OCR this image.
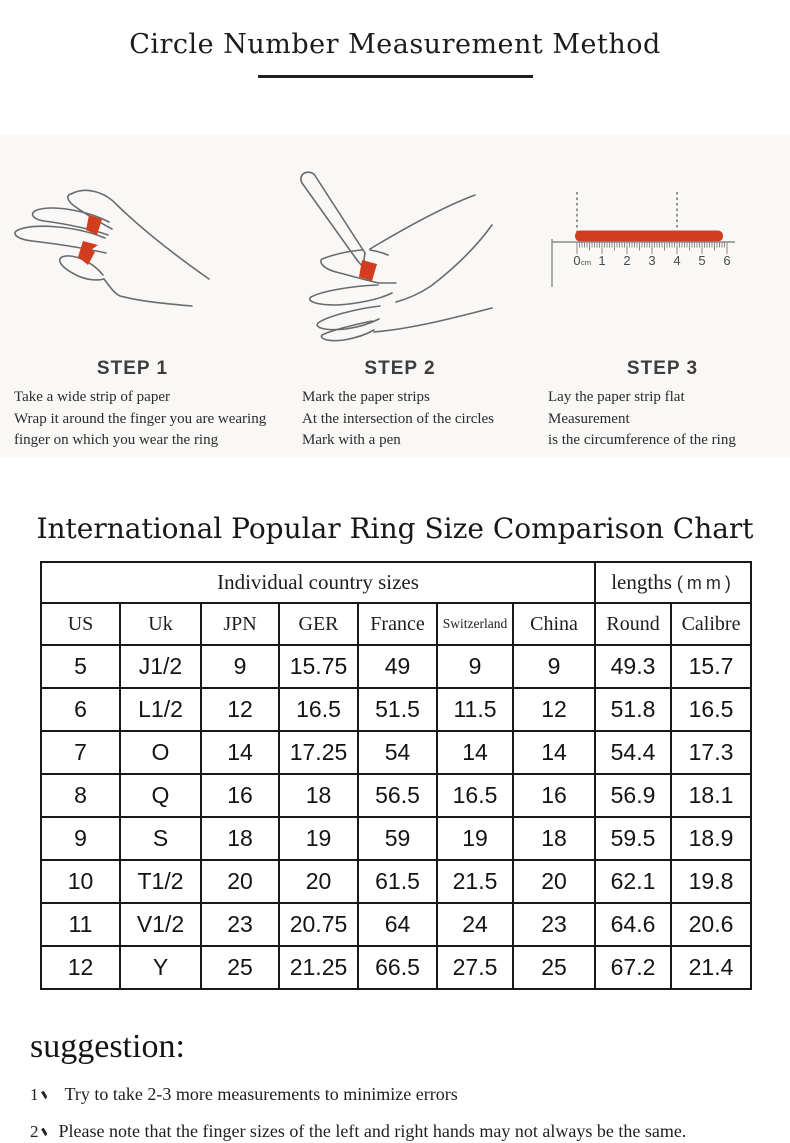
Circle Number Measurement Method
STEP 1

Take a wide strip of paper

Wrap it around the finger you are wearing

finger on which you wear the ring

STEP 2

Mark the paper strips

At the intersection of the circles

Mark with a pen

0 cm 1 2 3 4 5 6
STEP 3

Lay the paper strip flat

Measurement

is the circumference of the ring

International Popular Ring Size Comparison Chart
Individual country sizes							lengths (mm)	
US	Uk	JPN	GER	France	Switzerland	China	Round	Calibre
5	J1/2	9	15.75	49	9	9	49.3	15.7
6	L1/2	12	16.5	51.5	11.5	12	51.8	16.5
7	O	14	17.25	54	14	14	54.4	17.3
8	Q	16	18	56.5	16.5	16	56.9	18.1
9	S	18	19	59	19	18	59.5	18.9
10	T1/2	20	20	61.5	21.5	20	62.1	19.8
11	V1/2	23	20.75	64	24	23	64.6	20.6
12	Y	25	21.25	66.5	27.5	25	67.2	21.4
suggestion:

1 Try to take 2-3 more measurements to minimize errors

2 Please note that the finger sizes of the left and right hands may not always be the same.
